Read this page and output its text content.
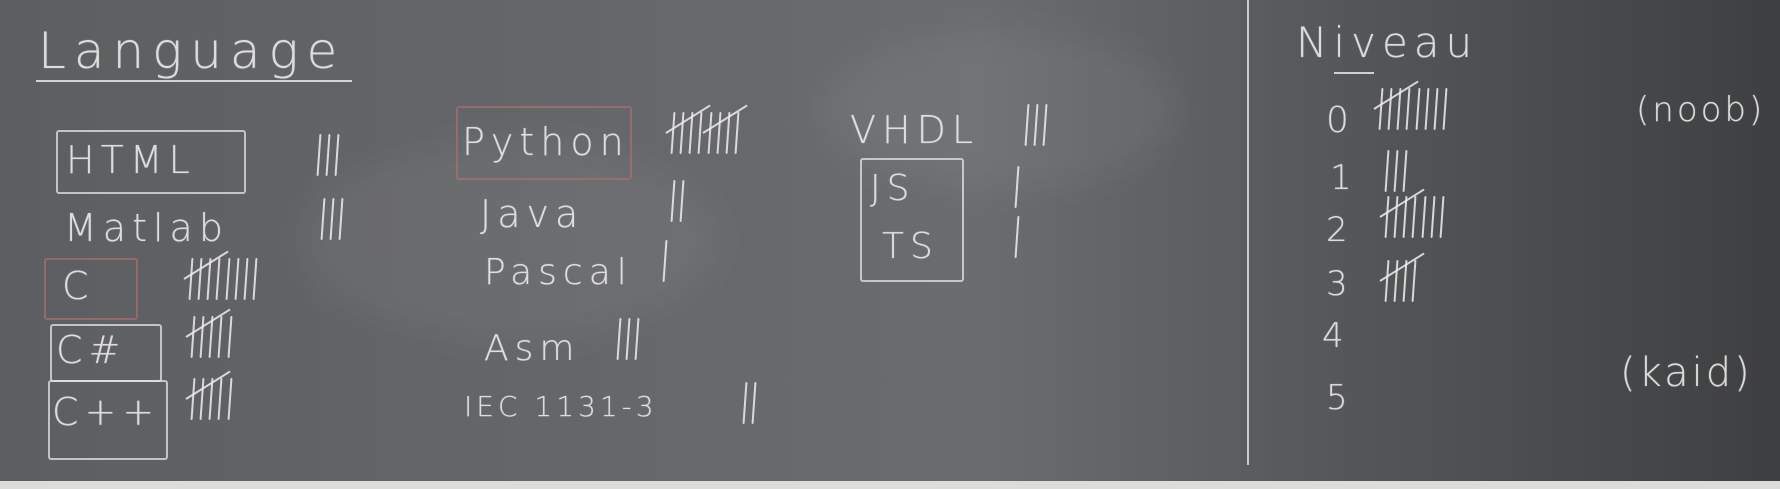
Language
HTML
Matlab
C
C#
C++
Python
Java
Pascal
Asm
IEC 1131-3
VHDL
JS
TS
Niveau
0	(noob)
1
2
3
4
5
(kaid)
